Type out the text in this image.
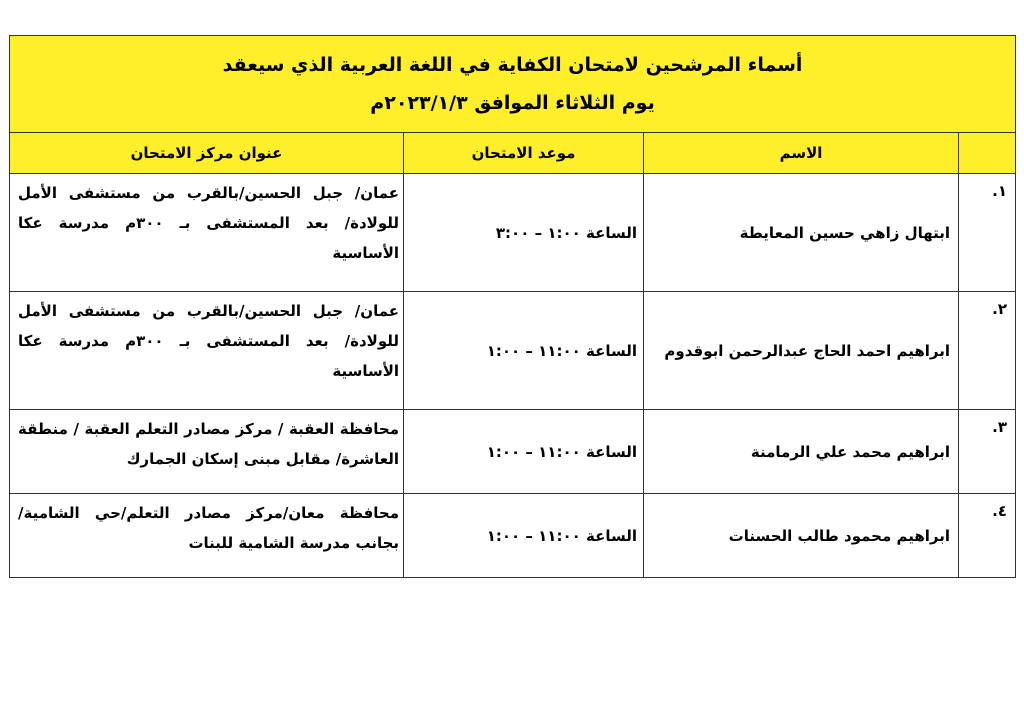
أسماء المرشحين لامتحان الكفاية في اللغة العربية الذي سيعقد
يوم الثلاثاء الموافق ٢٠٢٣/١/٣م			

	الاسم	موعد الامتحان	عنوان مركز الامتحان
١.	ابتهال زاهي حسين المعايطة	الساعة ١:٠٠ – ٣:٠٠	عمان/ جبل الحسين/بالقرب من مستشفى الأمل للولادة/ بعد المستشفى بـ ٣٠٠م مدرسة عكا الأساسية
٢.	ابراهيم احمد الحاج عبدالرحمن ابوقدوم	الساعة ١١:٠٠ – ١:٠٠	عمان/ جبل الحسين/بالقرب من مستشفى الأمل للولادة/ بعد المستشفى بـ ٣٠٠م مدرسة عكا الأساسية
٣.	ابراهيم محمد علي الرمامنة	الساعة ١١:٠٠ – ١:٠٠	محافظة العقبة / مركز مصادر التعلم العقبة / منطقة العاشرة/ مقابل مبنى إسكان الجمارك
٤.	ابراهيم محمود طالب الحسنات	الساعة ١١:٠٠ – ١:٠٠	محافظة معان/مركز مصادر التعلم/حي الشامية/ بجانب مدرسة الشامية للبنات
